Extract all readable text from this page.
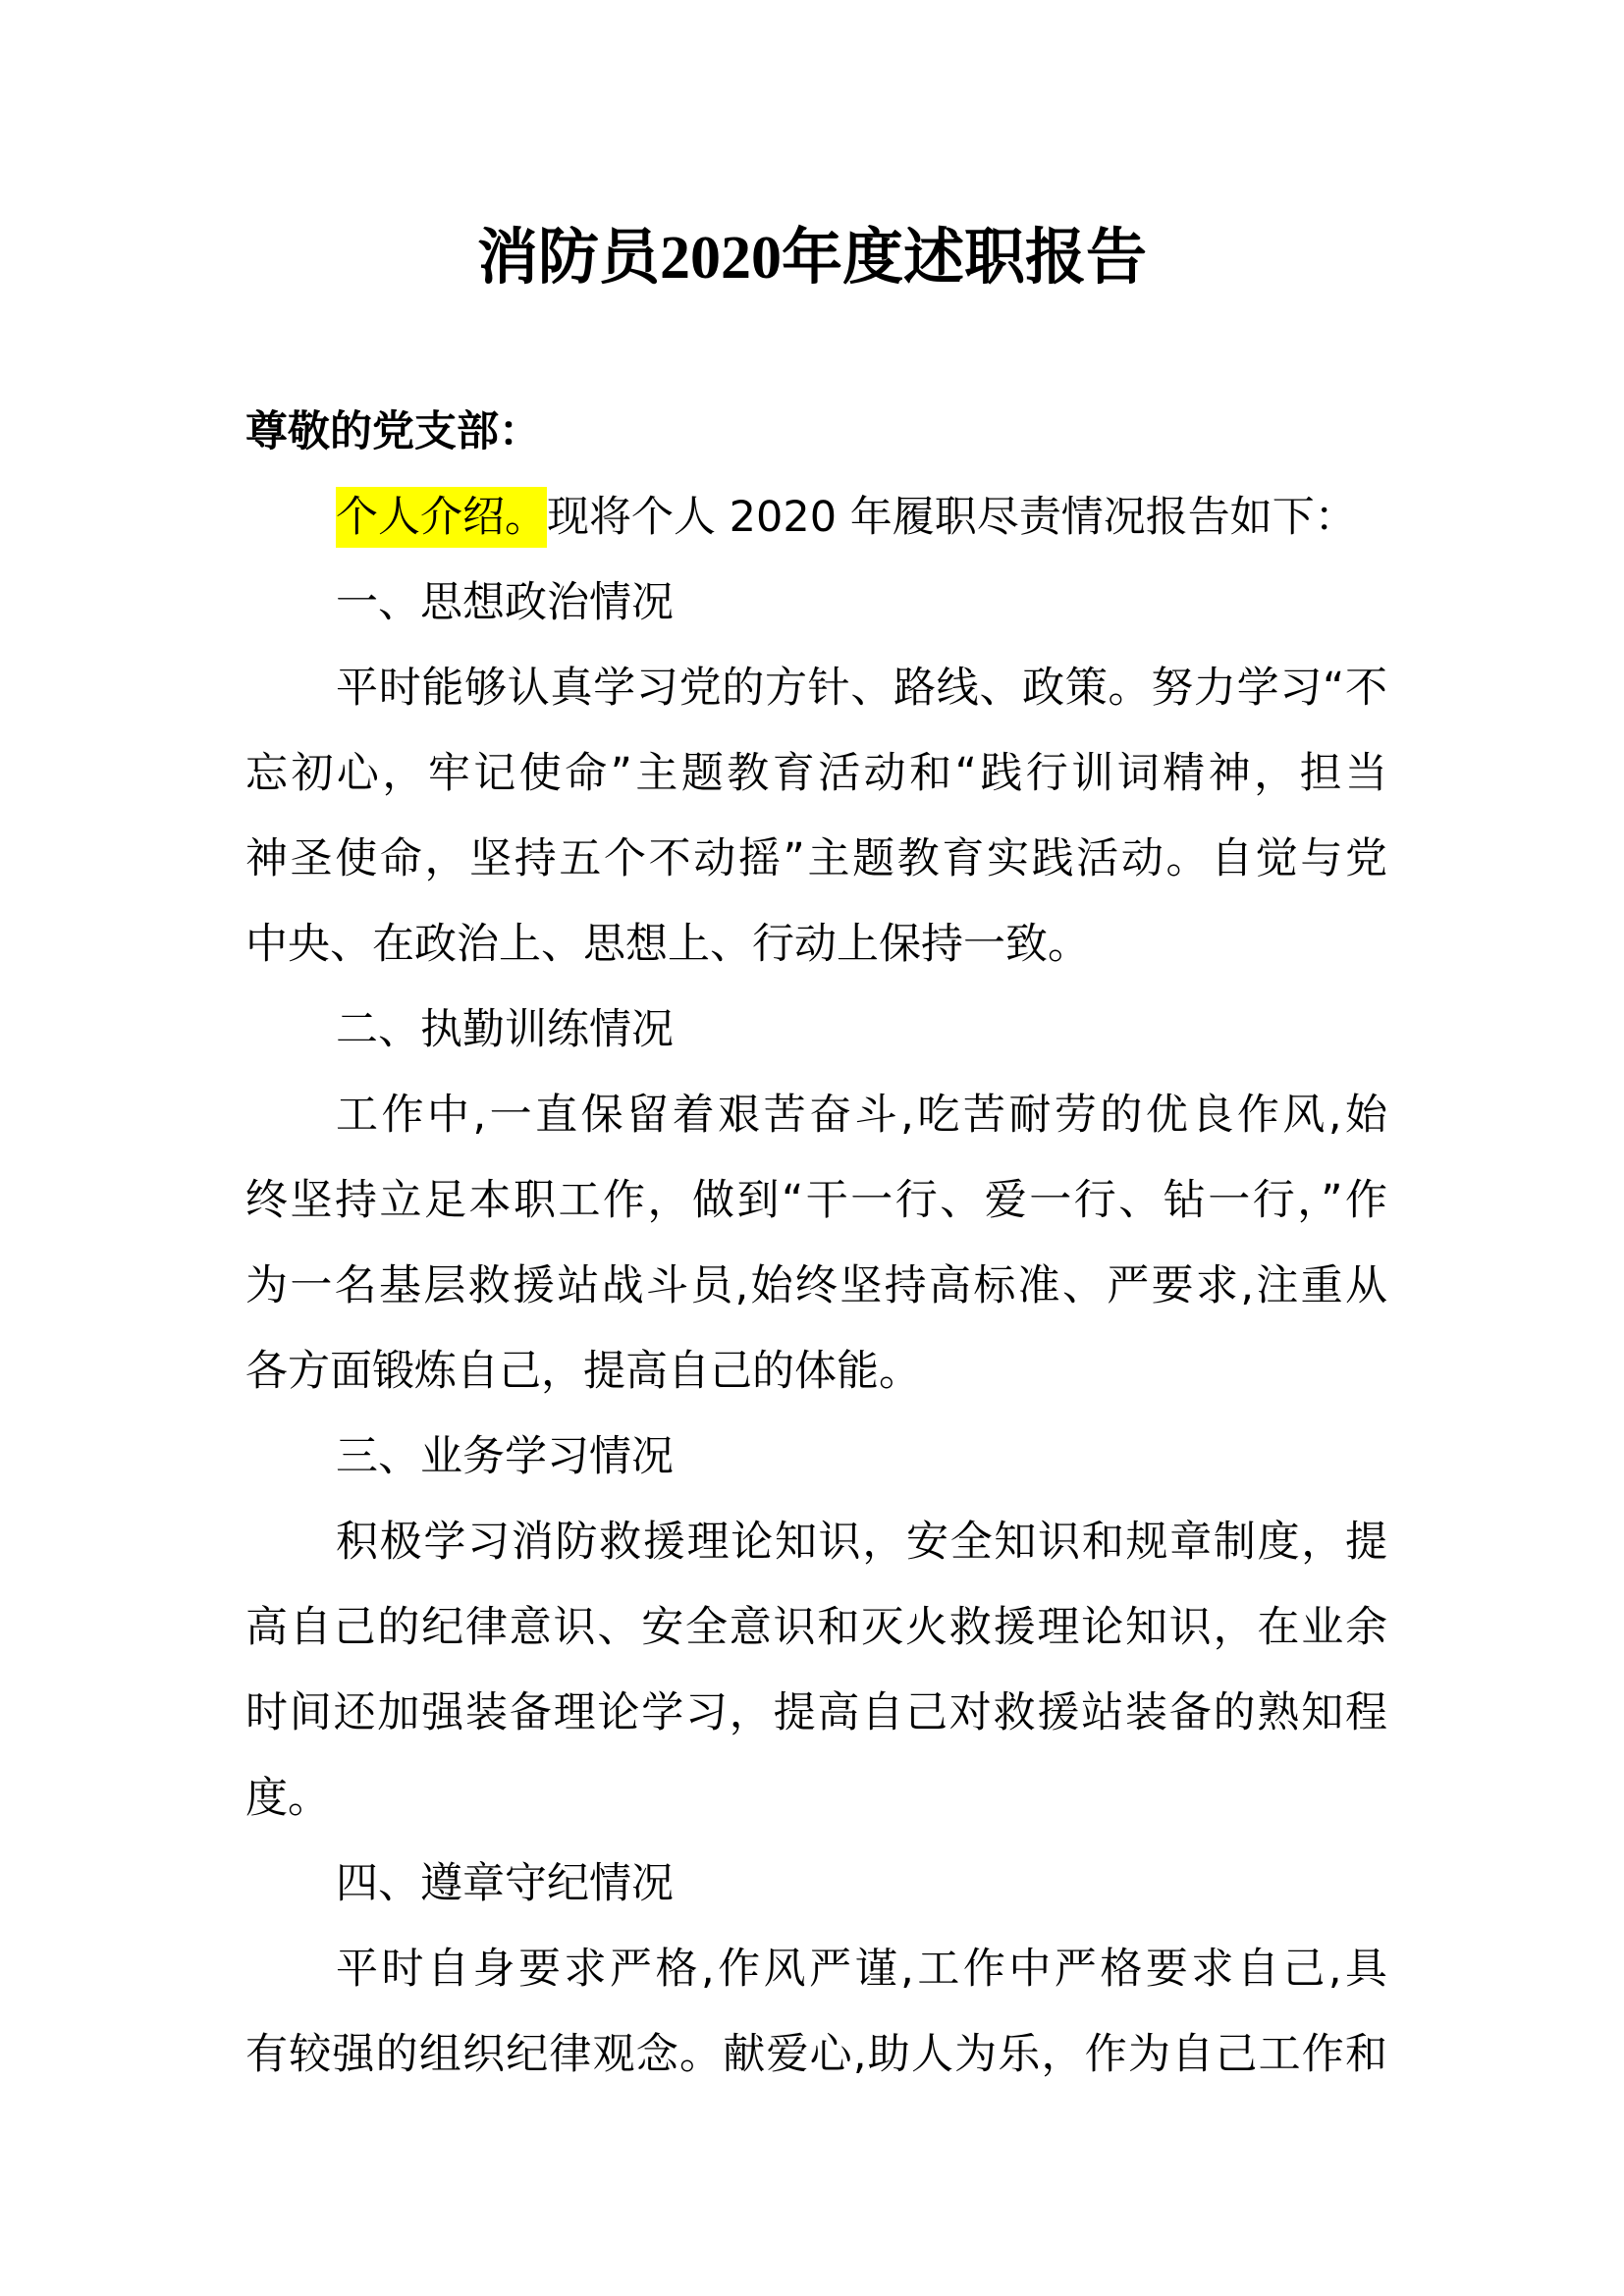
消防员2020年度述职报告
尊敬的党支部：
个人介绍。现将个人 2020 年履职尽责情况报告如下：
一、思想政治情况
平时能够认真学习党的方针、路线、政策。努力学习“不
忘初心，牢记使命”主题教育活动和“践行训词精神，担当
神圣使命，坚持五个不动摇”主题教育实践活动。自觉与党
中央、在政治上、思想上、行动上保持一致。
二、执勤训练情况
工作中,一直保留着艰苦奋斗,吃苦耐劳的优良作风,始
终坚持立足本职工作，做到“干一行、爱一行、钻一行，”作
为一名基层救援站战斗员,始终坚持高标准、严要求,注重从
各方面锻炼自己，提高自己的体能。
三、业务学习情况
积极学习消防救援理论知识，安全知识和规章制度，提
高自己的纪律意识、安全意识和灭火救援理论知识，在业余
时间还加强装备理论学习，提高自己对救援站装备的熟知程
度。
四、遵章守纪情况
平时自身要求严格,作风严谨,工作中严格要求自己,具
有较强的组织纪律观念。献爱心,助人为乐，作为自己工作和
